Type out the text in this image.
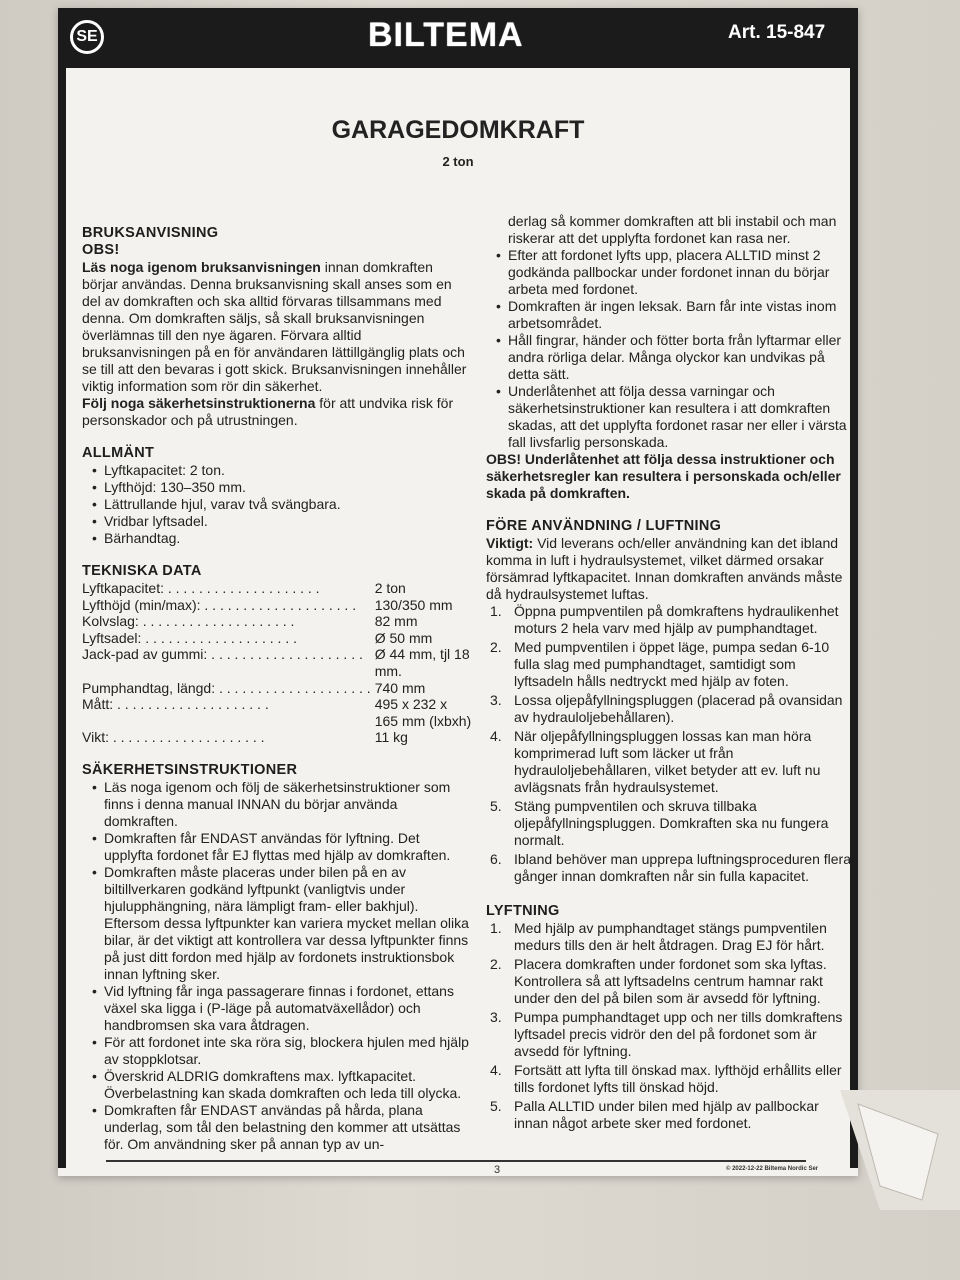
SE	BILTEMA	Art. 15-847
GARAGEDOMKRAFT
2 ton
BRUKSANVISNING
OBS!

Läs noga igenom bruksanvisningen innan domkraften börjar användas. Denna bruksanvisning skall anses som en del av domkraften och ska alltid förvaras tillsammans med denna. Om domkraften säljs, så skall bruksanvisningen överlämnas till den nye ägaren. Förvara alltid bruksanvisningen på en för användaren lättillgänglig plats och se till att den bevaras i gott skick. Bruksanvisningen innehåller viktig information som rör din säkerhet.

Följ noga säkerhetsinstruktionerna för att undvika risk för personskador och på utrustningen.

ALLMÄNT
• Lyftkapacitet: 2 ton.
• Lyfthöjd: 130–350 mm.
• Lättrullande hjul, varav två svängbara.
• Vridbar lyftsadel.
• Bärhandtag.
TEKNISKA DATA
Lyftkapacitet: . . .	2 ton
Lyfthöjd (min/max): . . .	130/350 mm
Kolvslag: . . .	82 mm
Lyftsadel: . . .	Ø 50 mm
Jack-pad av gummi: . . .	Ø 44 mm, tjl 18 mm.
Pumphandtag, längd: . . .	740 mm
Mått: . . .	495 x 232 x 165 mm (lxbxh)
Vikt: . . .	11 kg
SÄKERHETSINSTRUKTIONER
• Läs noga igenom och följ de säkerhetsinstruktioner som finns i denna manual INNAN du börjar använda domkraften.
• Domkraften får ENDAST användas för lyftning. Det upplyfta fordonet får EJ flyttas med hjälp av domkraften.
• Domkraften måste placeras under bilen på en av biltillverkaren godkänd lyftpunkt (vanligtvis under hjulupphängning, nära lämpligt fram- eller bakhjul). Eftersom dessa lyftpunkter kan variera mycket mellan olika bilar, är det viktigt att kontrollera var dessa lyftpunkter finns på just ditt fordon med hjälp av fordonets instruktionsbok innan lyftning sker.
• Vid lyftning får inga passagerare finnas i fordonet, ettans växel ska ligga i (P-läge på automatväxellådor) och handbromsen ska vara åtdragen.
• För att fordonet inte ska röra sig, blockera hjulen med hjälp av stoppklotsar.
• Överskrid ALDRIG domkraftens max. lyftkapacitet. Överbelastning kan skada domkraften och leda till olycka.
• Domkraften får ENDAST användas på hårda, plana underlag, som tål den belastning den kommer att utsättas för. Om användning sker på annan typ av un-

derlag så kommer domkraften att bli instabil och man riskerar att det upplyfta fordonet kan rasa ner.

• Efter att fordonet lyfts upp, placera ALLTID minst 2 godkända pallbockar under fordonet innan du börjar arbeta med fordonet.
• Domkraften är ingen leksak. Barn får inte vistas inom arbetsområdet.
• Håll fingrar, händer och fötter borta från lyftarmar eller andra rörliga delar. Många olyckor kan undvikas på detta sätt.
• Underlåtenhet att följa dessa varningar och säkerhetsinstruktioner kan resultera i att domkraften skadas, att det upplyfta fordonet rasar ner eller i värsta fall livsfarlig personskada.

OBS! Underlåtenhet att följa dessa instruktioner och säkerhetsregler kan resultera i personskada och/eller skada på domkraften.

FÖRE ANVÄNDNING / LUFTNING

Viktigt: Vid leverans och/eller användning kan det ibland komma in luft i hydraulsystemet, vilket därmed orsakar försämrad lyftkapacitet. Innan domkraften används måste då hydraulsystemet luftas.

1. Öppna pumpventilen på domkraftens hydraulikenhet moturs 2 hela varv med hjälp av pumphandtaget.
2. Med pumpventilen i öppet läge, pumpa sedan 6-10 fulla slag med pumphandtaget, samtidigt som lyftsadeln hålls nedtryckt med hjälp av foten.
3. Lossa oljepåfyllningspluggen (placerad på ovansidan av hydrauloljebehållaren).
4. När oljepåfyllningspluggen lossas kan man höra komprimerad luft som läcker ut från hydrauloljebehållaren, vilket betyder att ev. luft nu avlägsnats från hydraulsystemet.
5. Stäng pumpventilen och skruva tillbaka oljepåfyllningspluggen. Domkraften ska nu fungera normalt.
6. Ibland behöver man upprepa luftningsproceduren flera gånger innan domkraften når sin fulla kapacitet.
LYFTNING
1. Med hjälp av pumphandtaget stängs pumpventilen medurs tills den är helt åtdragen. Drag EJ för hårt.
2. Placera domkraften under fordonet som ska lyftas. Kontrollera så att lyftsadelns centrum hamnar rakt under den del på bilen som är avsedd för lyftning.
3. Pumpa pumphandtaget upp och ner tills domkraftens lyftsadel precis vidrör den del på fordonet som är avsedd för lyftning.
4. Fortsätt att lyfta till önskad max. lyfthöjd erhållits eller tills fordonet lyfts till önskad höjd.
5. Palla ALLTID under bilen med hjälp av pallbockar innan något arbete sker med fordonet.
3	© 2022-12-22 Biltema Nordic Ser
